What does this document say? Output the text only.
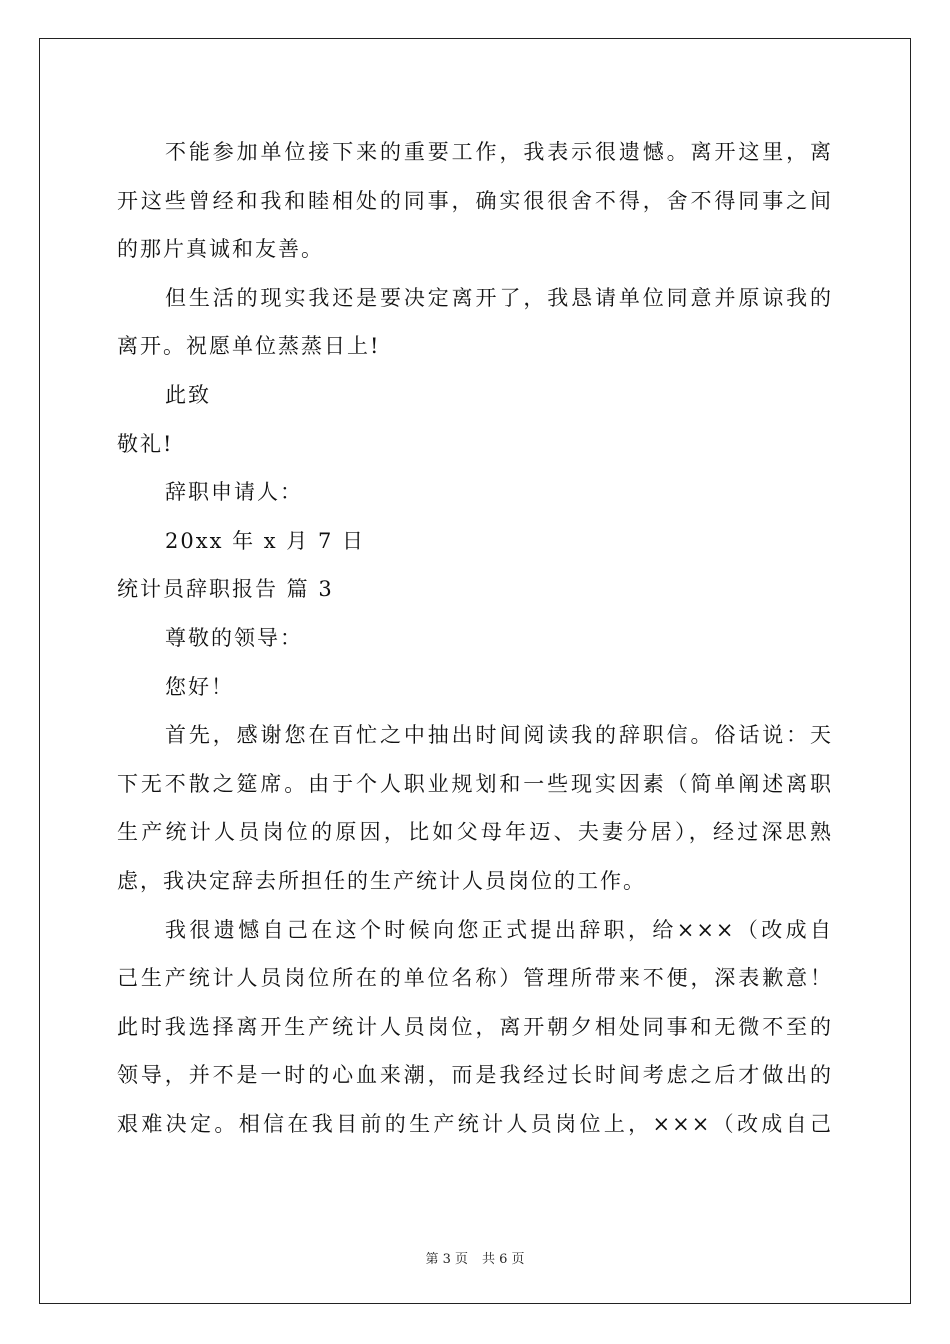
不能参加单位接下来的重要工作，我表示很遗憾。离开这里，离
开这些曾经和我和睦相处的同事，确实很很舍不得，舍不得同事之间
的那片真诚和友善。
但生活的现实我还是要决定离开了，我恳请单位同意并原谅我的
离开。祝愿单位蒸蒸日上!
此致
敬礼!
辞职申请人：
20xx 年 x 月 7 日
统计员辞职报告 篇 3
尊敬的领导：
您好！
首先，感谢您在百忙之中抽出时间阅读我的辞职信。俗话说：天
下无不散之筵席。由于个人职业规划和一些现实因素（简单阐述离职
生产统计人员岗位的原因，比如父母年迈、夫妻分居），经过深思熟
虑，我决定辞去所担任的生产统计人员岗位的工作。
我很遗憾自己在这个时候向您正式提出辞职，给×××（改成自
己生产统计人员岗位所在的单位名称）管理所带来不便，深表歉意！
此时我选择离开生产统计人员岗位，离开朝夕相处同事和无微不至的
领导，并不是一时的心血来潮，而是我经过长时间考虑之后才做出的
艰难决定。相信在我目前的生产统计人员岗位上，×××（改成自己
第 3 页 共 6 页
